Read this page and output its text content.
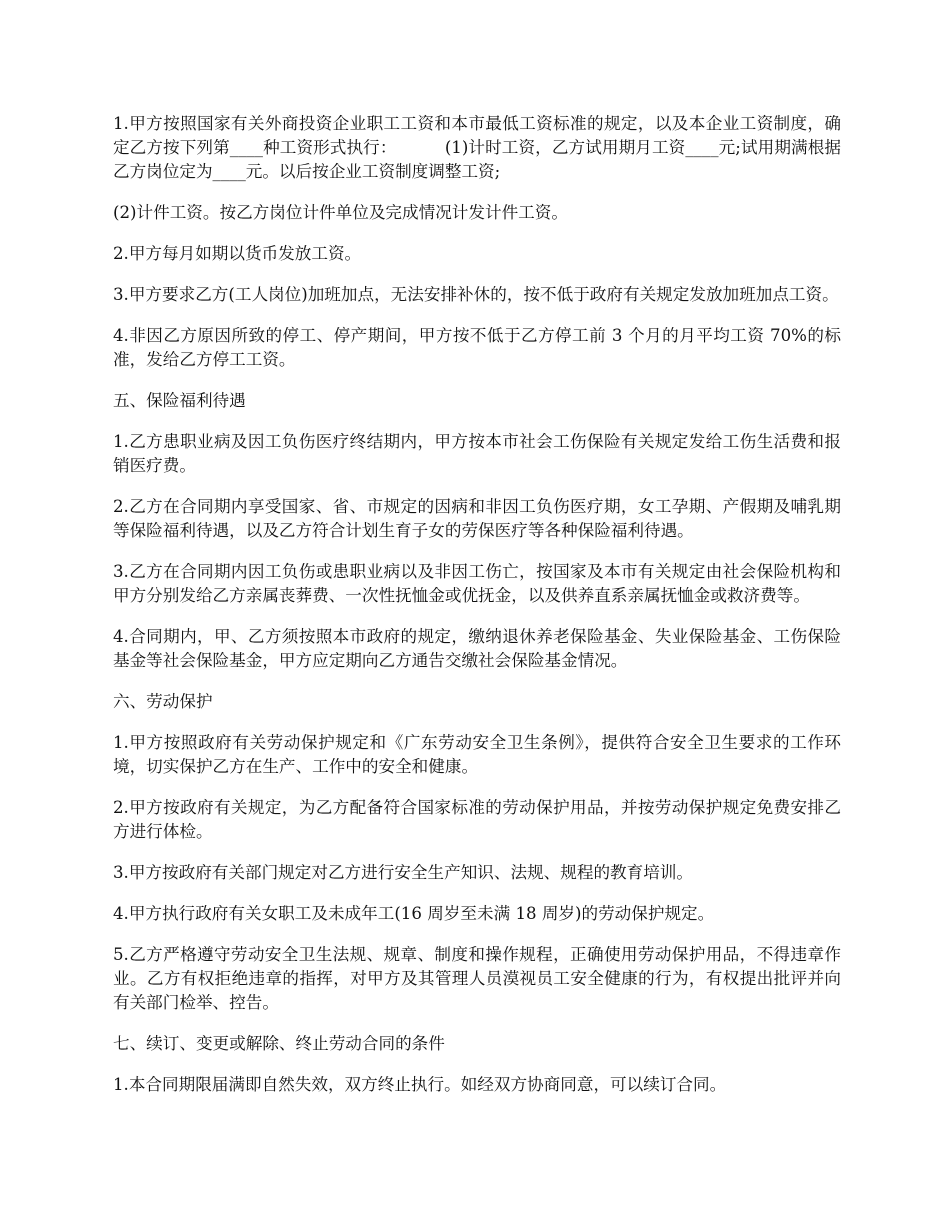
1.甲方按照国家有关外商投资企业职工工资和本市最低工资标准的规定，以及本企业工资制度，确定乙方按下列第____种工资形式执行：         (1)计时工资，乙方试用期月工资____元;试用期满根据乙方岗位定为____元。以后按企业工资制度调整工资;

(2)计件工资。按乙方岗位计件单位及完成情况计发计件工资。

2.甲方每月如期以货币发放工资。

3.甲方要求乙方(工人岗位)加班加点，无法安排补休的，按不低于政府有关规定发放加班加点工资。

4.非因乙方原因所致的停工、停产期间，甲方按不低于乙方停工前 3 个月的月平均工资 70%的标准，发给乙方停工工资。

五、保险福利待遇

1.乙方患职业病及因工负伤医疗终结期内，甲方按本市社会工伤保险有关规定发给工伤生活费和报销医疗费。

2.乙方在合同期内享受国家、省、市规定的因病和非因工负伤医疗期，女工孕期、产假期及哺乳期等保险福利待遇，以及乙方符合计划生育子女的劳保医疗等各种保险福利待遇。

3.乙方在合同期内因工负伤或患职业病以及非因工伤亡，按国家及本市有关规定由社会保险机构和甲方分别发给乙方亲属丧葬费、一次性抚恤金或优抚金，以及供养直系亲属抚恤金或救济费等。

4.合同期内，甲、乙方须按照本市政府的规定，缴纳退休养老保险基金、失业保险基金、工伤保险基金等社会保险基金，甲方应定期向乙方通告交缴社会保险基金情况。

六、劳动保护

1.甲方按照政府有关劳动保护规定和《广东劳动安全卫生条例》，提供符合安全卫生要求的工作环境，切实保护乙方在生产、工作中的安全和健康。

2.甲方按政府有关规定，为乙方配备符合国家标准的劳动保护用品，并按劳动保护规定免费安排乙方进行体检。

3.甲方按政府有关部门规定对乙方进行安全生产知识、法规、规程的教育培训。

4.甲方执行政府有关女职工及未成年工(16 周岁至未满 18 周岁)的劳动保护规定。

5.乙方严格遵守劳动安全卫生法规、规章、制度和操作规程，正确使用劳动保护用品，不得违章作业。乙方有权拒绝违章的指挥，对甲方及其管理人员漠视员工安全健康的行为，有权提出批评并向有关部门检举、控告。

七、续订、变更或解除、终止劳动合同的条件

1.本合同期限届满即自然失效，双方终止执行。如经双方协商同意，可以续订合同。
